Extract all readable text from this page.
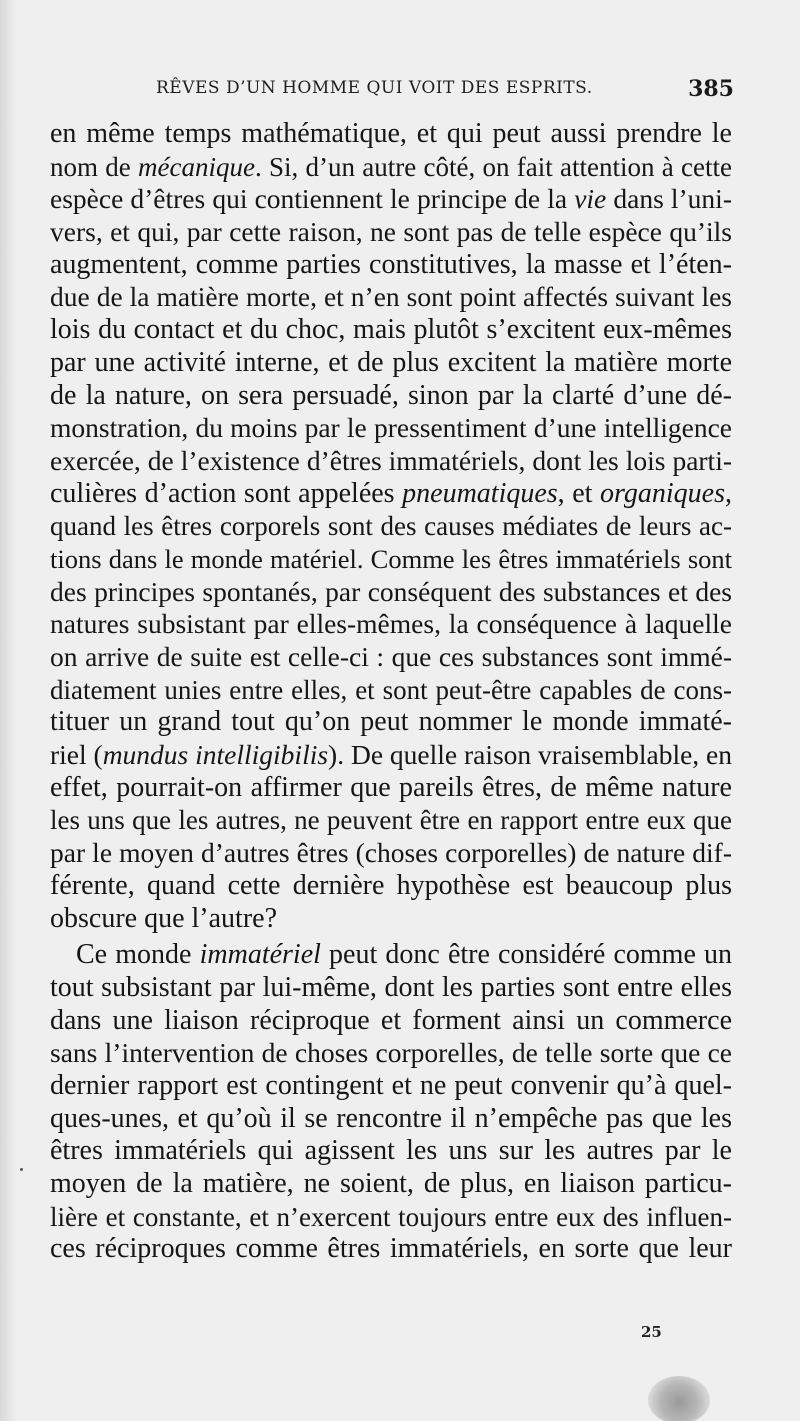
RÊVES D’UN HOMME QUI VOIT DES ESPRITS.	385
en même temps mathématique, et qui peut aussi prendre le
nom de mécanique. Si, d’un autre côté, on fait attention à cette
espèce d’êtres qui contiennent le principe de la vie dans l’uni-
vers, et qui, par cette raison, ne sont pas de telle espèce qu’ils
augmentent, comme parties constitutives, la masse et l’éten-
due de la matière morte, et n’en sont point affectés suivant les
lois du contact et du choc, mais plutôt s’excitent eux-mêmes
par une activité interne, et de plus excitent la matière morte
de la nature, on sera persuadé, sinon par la clarté d’une dé-
monstration, du moins par le pressentiment d’une intelligence
exercée, de l’existence d’êtres immatériels, dont les lois parti-
culières d’action sont appelées pneumatiques, et organiques,
quand les êtres corporels sont des causes médiates de leurs ac-
tions dans le monde matériel. Comme les êtres immatériels sont
des principes spontanés, par conséquent des substances et des
natures subsistant par elles-mêmes, la conséquence à laquelle
on arrive de suite est celle-ci : que ces substances sont immé-
diatement unies entre elles, et sont peut-être capables de cons-
tituer un grand tout qu’on peut nommer le monde immaté-
riel (mundus intelligibilis). De quelle raison vraisemblable, en
effet, pourrait-on affirmer que pareils êtres, de même nature
les uns que les autres, ne peuvent être en rapport entre eux que
par le moyen d’autres êtres (choses corporelles) de nature dif-
férente, quand cette dernière hypothèse est beaucoup plus
obscure que l’autre?
Ce monde immatériel peut donc être considéré comme un
tout subsistant par lui-même, dont les parties sont entre elles
dans une liaison réciproque et forment ainsi un commerce
sans l’intervention de choses corporelles, de telle sorte que ce
dernier rapport est contingent et ne peut convenir qu’à quel-
ques-unes, et qu’où il se rencontre il n’empêche pas que les
êtres immatériels qui agissent les uns sur les autres par le
moyen de la matière, ne soient, de plus, en liaison particu-
lière et constante, et n’exercent toujours entre eux des influen-
ces réciproques comme êtres immatériels, en sorte que leur
25
